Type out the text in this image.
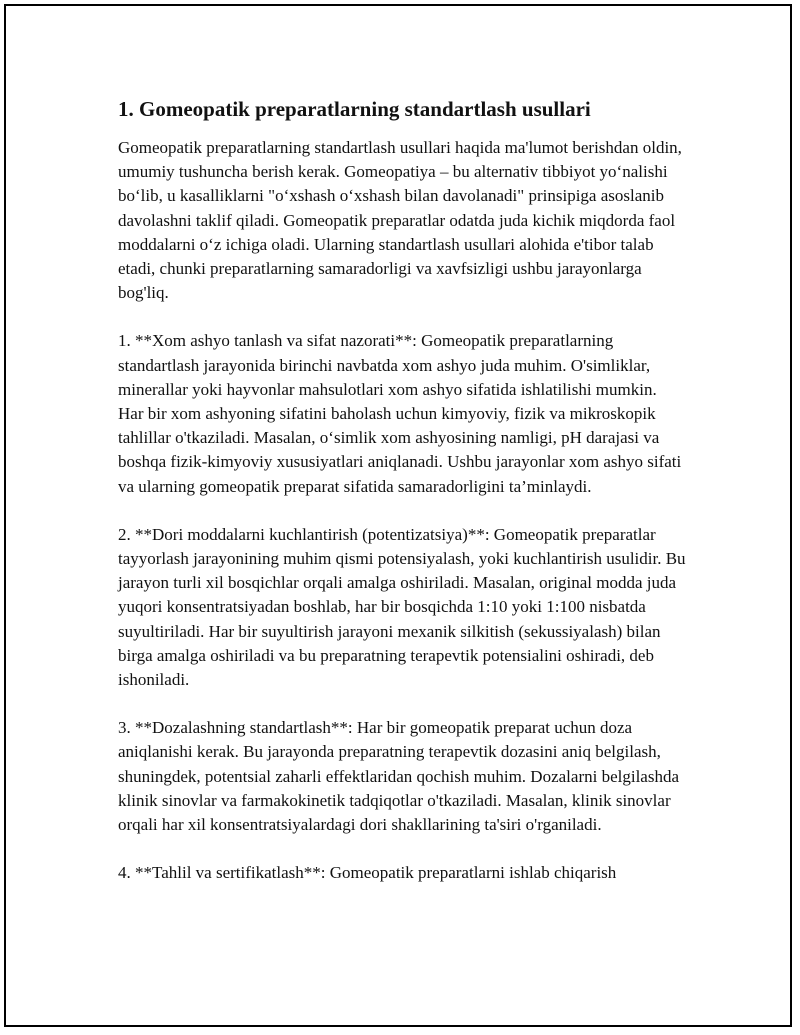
1. Gomeopatik preparatlarning standartlash usullari

Gomeopatik preparatlarning standartlash usullari haqida ma'lumot berishdan oldin, umumiy tushuncha berish kerak. Gomeopatiya – bu alternativ tibbiyot yo‘nalishi bo‘lib, u kasalliklarni "o‘xshash o‘xshash bilan davolanadi" prinsipiga asoslanib davolashni taklif qiladi. Gomeopatik preparatlar odatda juda kichik miqdorda faol moddalarni o‘z ichiga oladi. Ularning standartlash usullari alohida e'tibor talab etadi, chunki preparatlarning samaradorligi va xavfsizligi ushbu jarayonlarga bog'liq.

1. **Xom ashyo tanlash va sifat nazorati**: Gomeopatik preparatlarning standartlash jarayonida birinchi navbatda xom ashyo juda muhim. O'simliklar, minerallar yoki hayvonlar mahsulotlari xom ashyo sifatida ishlatilishi mumkin. Har bir xom ashyoning sifatini baholash uchun kimyoviy, fizik va mikroskopik tahlillar o'tkaziladi. Masalan, o‘simlik xom ashyosining namligi, pH darajasi va boshqa fizik-kimyoviy xususiyatlari aniqlanadi. Ushbu jarayonlar xom ashyo sifati va ularning gomeopatik preparat sifatida samaradorligini ta’minlaydi.

2. **Dori moddalarni kuchlantirish (potentizatsiya)**: Gomeopatik preparatlar tayyorlash jarayonining muhim qismi potensiyalash, yoki kuchlantirish usulidir. Bu jarayon turli xil bosqichlar orqali amalga oshiriladi. Masalan, original modda juda yuqori konsentratsiyadan boshlab, har bir bosqichda 1:10 yoki 1:100 nisbatda suyultiriladi. Har bir suyultirish jarayoni mexanik silkitish (sekussiyalash) bilan birga amalga oshiriladi va bu preparatning terapevtik potensialini oshiradi, deb ishoniladi.

3. **Dozalashning standartlash**: Har bir gomeopatik preparat uchun doza aniqlanishi kerak. Bu jarayonda preparatning terapevtik dozasini aniq belgilash, shuningdek, potentsial zaharli effektlaridan qochish muhim. Dozalarni belgilashda klinik sinovlar va farmakokinetik tadqiqotlar o'tkaziladi. Masalan, klinik sinovlar orqali har xil konsentratsiyalardagi dori shakllarining ta'siri o'rganiladi.

4. **Tahlil va sertifikatlash**: Gomeopatik preparatlarni ishlab chiqarish
